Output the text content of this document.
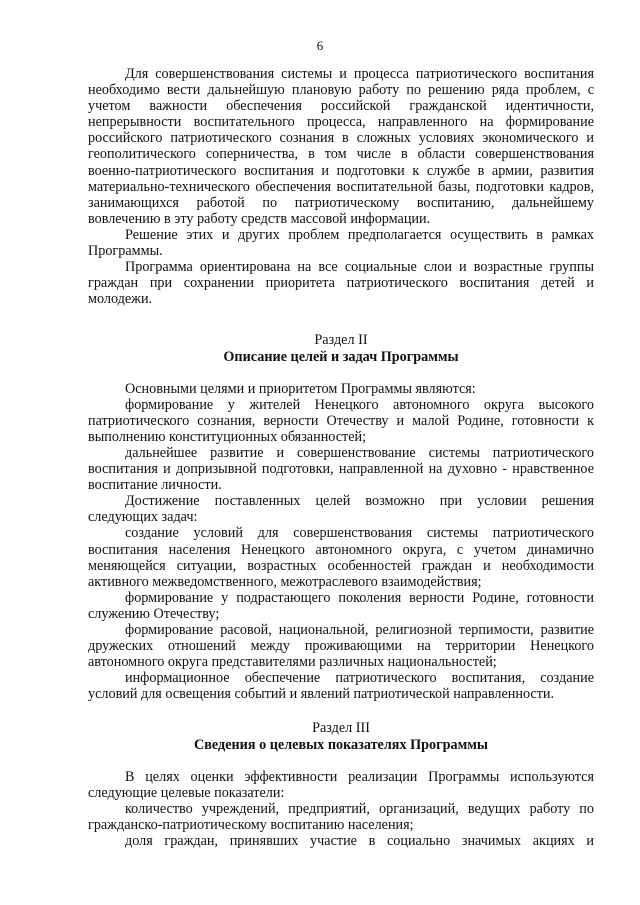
6

Для совершенствования системы и процесса патриотического воспитания необходимо вести дальнейшую плановую работу по решению ряда проблем, с учетом важности обеспечения российской гражданской идентичности, непрерывности воспитательного процесса, направленного на формирование российского патриотического сознания в сложных условиях экономического и геополитического соперничества, в том числе в области совершенствования военно-патриотического воспитания и подготовки к службе в армии, развития материально-технического обеспечения воспитательной базы, подготовки кадров, занимающихся работой по патриотическому воспитанию, дальнейшему вовлечению в эту работу средств массовой информации.

Решение этих и других проблем предполагается осуществить в рамках Программы.

Программа ориентирована на все социальные слои и возрастные группы граждан при сохранении приоритета патриотического воспитания детей и молодежи.

Раздел II

Описание целей и задач Программы

Основными целями и приоритетом Программы являются:

формирование у жителей Ненецкого автономного округа высокого патриотического сознания, верности Отечеству и малой Родине, готовности к выполнению конституционных обязанностей;

дальнейшее развитие и совершенствование системы патриотического воспитания и допризывной подготовки, направленной на духовно - нравственное воспитание личности.

Достижение поставленных целей возможно при условии решения следующих задач:

создание условий для совершенствования системы патриотического воспитания населения Ненецкого автономного округа, с учетом динамично меняющейся ситуации, возрастных особенностей граждан и необходимости активного межведомственного, межотраслевого взаимодействия;

формирование у подрастающего поколения верности Родине, готовности служению Отечеству;

формирование расовой, национальной, религиозной терпимости, развитие дружеских отношений между проживающими на территории Ненецкого автономного округа представителями различных национальностей;

информационное обеспечение патриотического воспитания, создание условий для освещения событий и явлений патриотической направленности.

Раздел III

Сведения о целевых показателях Программы

В целях оценки эффективности реализации Программы используются следующие целевые показатели:

количество учреждений, предприятий, организаций, ведущих работу по гражданско-патриотическому воспитанию населения;

доля граждан, принявших участие в социально значимых акциях и
